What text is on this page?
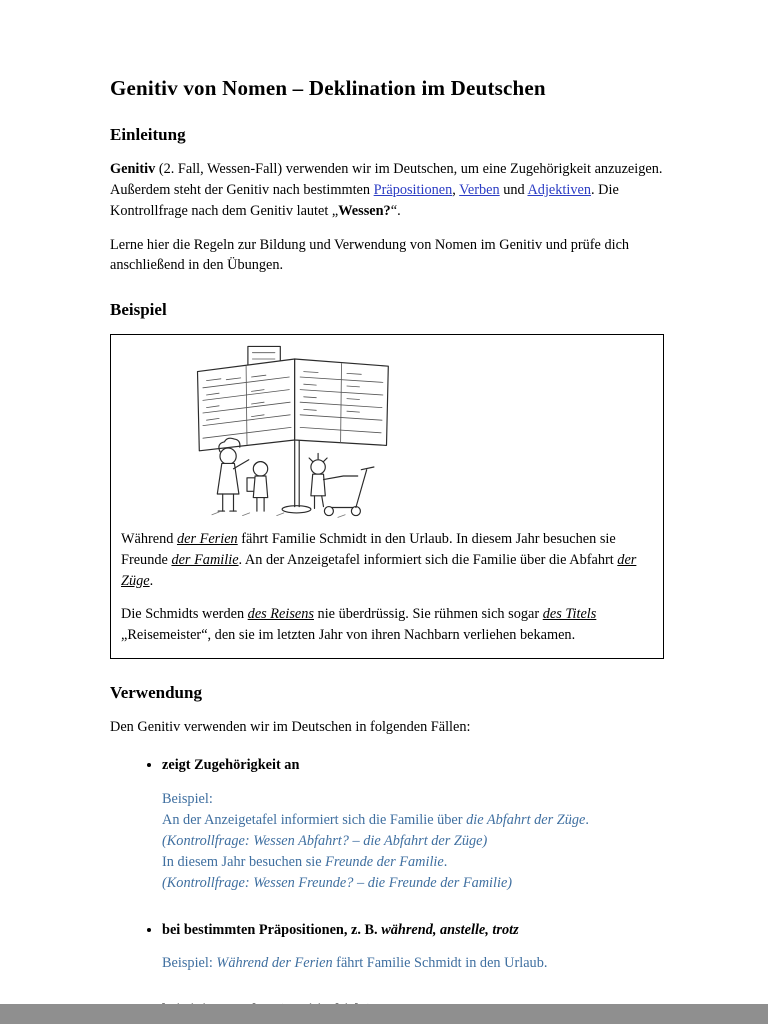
Genitiv von Nomen – Deklination im Deutschen
Einleitung

Genitiv (2. Fall, Wessen-Fall) verwenden wir im Deutschen, um eine Zugehörigkeit anzuzeigen. Außerdem steht der Genitiv nach bestimmten Präpositionen, Verben und Adjektiven. Die Kontrollfrage nach dem Genitiv lautet „Wessen?“.

Lerne hier die Regeln zur Bildung und Verwendung von Nomen im Genitiv und prüfe dich anschließend in den Übungen.

Beispiel

Während der Ferien fährt Familie Schmidt in den Urlaub. In diesem Jahr besuchen sie Freunde der Familie. An der Anzeigetafel informiert sich die Familie über die Abfahrt der Züge.

Die Schmidts werden des Reisens nie überdrüssig. Sie rühmen sich sogar des Titels „Reisemeister“, den sie im letzten Jahr von ihren Nachbarn verliehen bekamen.

Verwendung

Den Genitiv verwenden wir im Deutschen in folgenden Fällen:

• zeigt Zugehörigkeit an

Beispiel:

An der Anzeigetafel informiert sich die Familie über die Abfahrt der Züge.

(Kontrollfrage: Wessen Abfahrt? – die Abfahrt der Züge)

In diesem Jahr besuchen sie Freunde der Familie.

(Kontrollfrage: Wessen Freunde? – die Freunde der Familie)

• bei bestimmten Präpositionen, z. B. während, anstelle, trotz

Beispiel: Während der Ferien fährt Familie Schmidt in den Urlaub.

•
